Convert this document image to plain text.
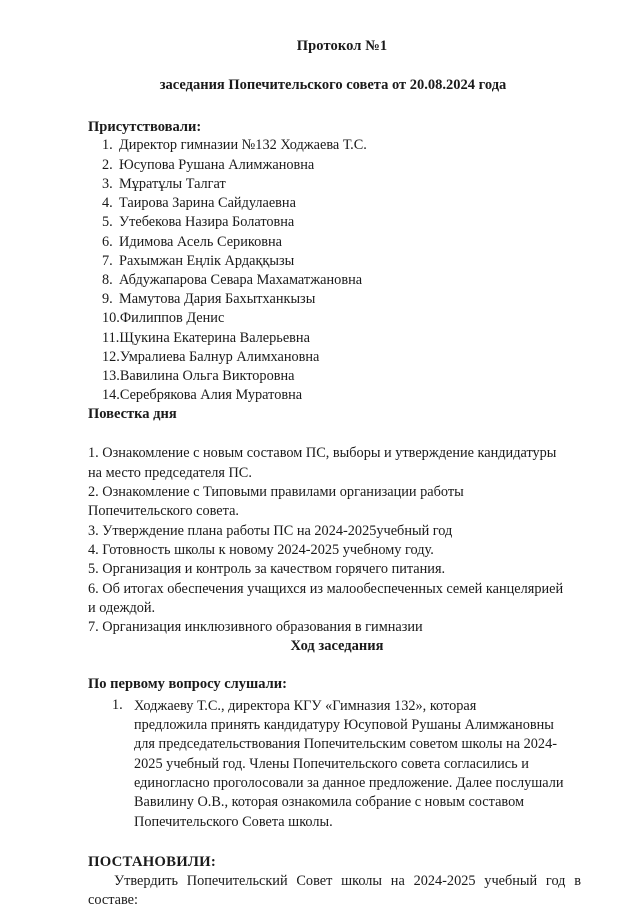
Протокол №1
заседания Попечительского совета от 20.08.2024 года
Присутствовали:
1. Директор гимназии №132 Ходжаева Т.С.
2. Юсупова Рушана Алимжановна
3. Мұратұлы Талгат
4. Таирова Зарина Сайдулаевна
5. Утебекова Назира Болатовна
6. Идимова Асель Сериковна
7. Рахымжан Еңлік Ардаққызы
8. Абдужапарова Севара Махаматжановна
9. Мамутова Дария Бахытханкызы
10.Филиппов Денис
11.Щукина Екатерина Валерьевна
12.Умралиева Балнур Алимхановна
13.Вавилина Ольга Викторовна
14.Серебрякова Алия Муратовна
Повестка дня

1. Ознакомление с новым составом ПС, выборы и утверждение кандидатуры

на место председателя ПС.

2. Ознакомление с Типовыми правилами организации работы

Попечительского совета.

3. Утверждение плана работы ПС на 2024-2025учебный год

4. Готовность школы к новому 2024-2025 учебному году.

5. Организация и контроль за качеством горячего питания.

6. Об итогах обеспечения учащихся из малообеспеченных семей канцелярией

и одеждой.

7. Организация инклюзивного образования в гимназии

Ход заседания
По первому вопросу слушали:
1. Ходжаеву Т.С., директора КГУ «Гимназия 132», которая

предложила принять кандидатуру Юсуповой Рушаны Алимжановны

для председательствования Попечительским советом школы на 2024-

2025 учебный год. Члены Попечительского совета согласились и

единогласно проголосовали за данное предложение. Далее послушали

Вавилину О.В., которая ознакомила собрание с новым составом

Попечительского Совета школы.

ПОСТАНОВИЛИ:

Утвердить Попечительский Совет школы на 2024-2025 учебный год в

составе:
